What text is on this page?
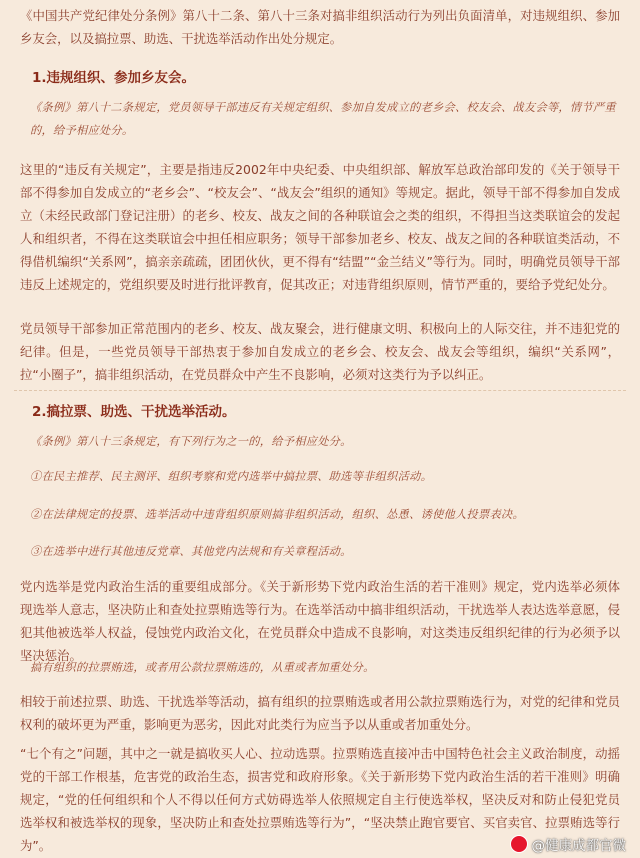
《中国共产党纪律处分条例》第八十二条、第八十三条对搞非组织活动行为列出负面清单，对违规组织、参加乡友会，以及搞拉票、助选、干扰选举活动作出处分规定。

1.违规组织、参加乡友会。

《条例》第八十二条规定，党员领导干部违反有关规定组织、参加自发成立的老乡会、校友会、战友会等，情节严重的，给予相应处分。

这里的“违反有关规定”，主要是指违反2002年中央纪委、中央组织部、解放军总政治部印发的《关于领导干部不得参加自发成立的“老乡会”、“校友会”、“战友会”组织的通知》等规定。据此，领导干部不得参加自发成立（未经民政部门登记注册）的老乡、校友、战友之间的各种联谊会之类的组织，不得担当这类联谊会的发起人和组织者，不得在这类联谊会中担任相应职务；领导干部参加老乡、校友、战友之间的各种联谊类活动，不得借机编织“关系网”，搞亲亲疏疏，团团伙伙，更不得有“结盟”“金兰结义”等行为。同时，明确党员领导干部违反上述规定的，党组织要及时进行批评教育，促其改正；对违背组织原则，情节严重的，要给予党纪处分。

党员领导干部参加正常范围内的老乡、校友、战友聚会，进行健康文明、积极向上的人际交往，并不违犯党的纪律。但是，一些党员领导干部热衷于参加自发成立的老乡会、校友会、战友会等组织，编织“关系网”，拉“小圈子”，搞非组织活动，在党员群众中产生不良影响，必须对这类行为予以纠正。

2.搞拉票、助选、干扰选举活动。

《条例》第八十三条规定，有下列行为之一的，给予相应处分。

①在民主推荐、民主测评、组织考察和党内选举中搞拉票、助选等非组织活动。

②在法律规定的投票、选举活动中违背组织原则搞非组织活动，组织、怂恿、诱使他人投票表决。

③在选举中进行其他违反党章、其他党内法规和有关章程活动。

党内选举是党内政治生活的重要组成部分。《关于新形势下党内政治生活的若干准则》规定，党内选举必须体现选举人意志，坚决防止和查处拉票贿选等行为。在选举活动中搞非组织活动，干扰选举人表达选举意愿，侵犯其他被选举人权益，侵蚀党内政治文化，在党员群众中造成不良影响，对这类违反组织纪律的行为必须予以坚决惩治。

搞有组织的拉票贿选，或者用公款拉票贿选的，从重或者加重处分。

相较于前述拉票、助选、干扰选举等活动，搞有组织的拉票贿选或者用公款拉票贿选行为，对党的纪律和党员权利的破坏更为严重，影响更为恶劣，因此对此类行为应当予以从重或者加重处分。

“七个有之”问题，其中之一就是搞收买人心、拉动选票。拉票贿选直接冲击中国特色社会主义政治制度，动摇党的干部工作根基，危害党的政治生态，损害党和政府形象。《关于新形势下党内政治生活的若干准则》明确规定，“党的任何组织和个人不得以任何方式妨碍选举人依照规定自主行使选举权，坚决反对和防止侵犯党员选举权和被选举权的现象，坚决防止和查处拉票贿选等行为”，“坚决禁止跑官要官、买官卖官、拉票贿选等行为”。	@健康成都官微
